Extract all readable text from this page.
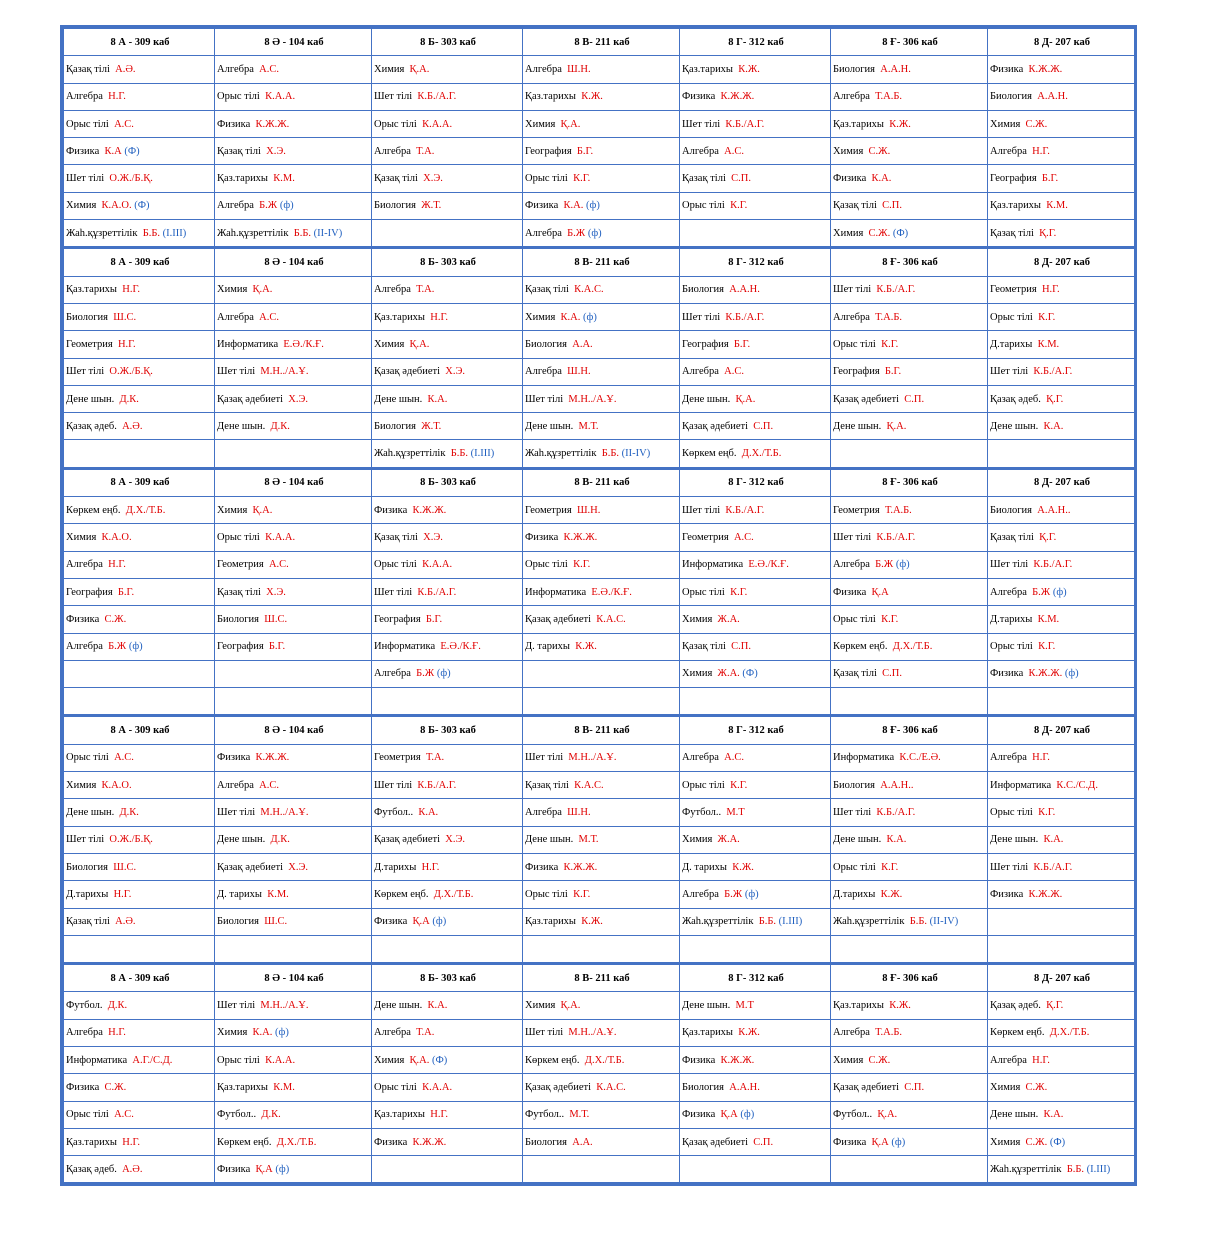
8 А - 309 каб	8 Ә - 104 каб	8 Б- 303 каб	8 В- 211 каб	8 Г- 312 каб	8 Ғ- 306 каб	8 Д- 207 каб
Қазақ тілі А.Ә.	Алгебра А.С.	Химия Қ.А.	Алгебра Ш.Н.	Қаз.тарихы К.Ж.	Биология А.А.Н.	Физика К.Ж.Ж.
Алгебра Н.Г.	Орыс тілі К.А.А.	Шет тілі К.Б./А.Г.	Қаз.тарихы К.Ж.	Физика К.Ж.Ж.	Алгебра Т.А.Б.	Биология А.А.Н.
Орыс тілі А.С.	Физика К.Ж.Ж.	Орыс тілі К.А.А.	Химия Қ.А.	Шет тілі К.Б./А.Г.	Қаз.тарихы К.Ж.	Химия С.Ж.
Физика К.А (Ф)	Қазақ тілі Х.Э.	Алгебра Т.А.	География Б.Г.	Алгебра А.С.	Химия С.Ж.	Алгебра Н.Г.
Шет тілі О.Ж./Б.Қ.	Қаз.тарихы К.М.	Қазақ тілі Х.Э.	Орыс тілі К.Г.	Қазақ тілі С.П.	Физика К.А.	География Б.Г.
Химия К.А.О. (Ф)	Алгебра Б.Ж (ф)	Биология Ж.Т.	Физика К.А. (ф)	Орыс тілі К.Г.	Қазақ тілі С.П.	Қаз.тарихы К.М.
Жаһ.құзреттілік Б.Б. (I.III)	Жаһ.құзреттілік Б.Б. (II-IV)		Алгебра Б.Ж (ф)		Химия С.Ж. (Ф)	Қазақ тілі Қ.Г.
8 А - 309 каб	8 Ә - 104 каб	8 Б- 303 каб	8 В- 211 каб	8 Г- 312 каб	8 Ғ- 306 каб	8 Д- 207 каб
Қаз.тарихы Н.Г.	Химия Қ.А.	Алгебра Т.А.	Қазақ тілі К.А.С.	Биология А.А.Н.	Шет тілі К.Б./А.Г.	Геометрия Н.Г.
Биология Ш.С.	Алгебра А.С.	Қаз.тарихы Н.Г.	Химия К.А. (ф)	Шет тілі К.Б./А.Г.	Алгебра Т.А.Б.	Орыс тілі К.Г.
Геометрия Н.Г.	Информатика Е.Ә./К.Ғ.	Химия Қ.А.	Биология А.А.	География Б.Г.	Орыс тілі К.Г.	Д.тарихы К.М.
Шет тілі О.Ж./Б.Қ.	Шет тілі М.Н../А.Ұ.	Қазақ әдебиеті Х.Э.	Алгебра Ш.Н.	Алгебра А.С.	География Б.Г.	Шет тілі К.Б./А.Г.
Дене шын. Д.К.	Қазақ әдебиеті Х.Э.	Дене шын. К.А.	Шет тілі М.Н../А.Ұ.	Дене шын. Қ.А.	Қазақ әдебиеті С.П.	Қазақ әдеб. Қ.Г.
Қазақ әдеб. А.Ә.	Дене шын. Д.К.	Биология Ж.Т.	Дене шын. М.Т.	Қазақ әдебиеті С.П.	Дене шын. Қ.А.	Дене шын. К.А.
		Жаһ.құзреттілік Б.Б. (I.III)	Жаһ.құзреттілік Б.Б. (II-IV)	Көркем еңб. Д.Х./Т.Б.		
8 А - 309 каб	8 Ә - 104 каб	8 Б- 303 каб	8 В- 211 каб	8 Г- 312 каб	8 Ғ- 306 каб	8 Д- 207 каб
Көркем еңб. Д.Х./Т.Б.	Химия Қ.А.	Физика К.Ж.Ж.	Геометрия Ш.Н.	Шет тілі К.Б./А.Г.	Геометрия Т.А.Б.	Биология А.А.Н..
Химия К.А.О.	Орыс тілі К.А.А.	Қазақ тілі Х.Э.	Физика К.Ж.Ж.	Геометрия А.С.	Шет тілі К.Б./А.Г.	Қазақ тілі Қ.Г.
Алгебра Н.Г.	Геометрия А.С.	Орыс тілі К.А.А.	Орыс тілі К.Г.	Информатика Е.Ә./К.Ғ.	Алгебра Б.Ж (ф)	Шет тілі К.Б./А.Г.
География Б.Г.	Қазақ тілі Х.Э.	Шет тілі К.Б./А.Г.	Информатика Е.Ә./К.Ғ.	Орыс тілі К.Г.	Физика Қ.А	Алгебра Б.Ж (ф)
Физика С.Ж.	Биология Ш.С.	География Б.Г.	Қазақ әдебиеті К.А.С.	Химия Ж.А.	Орыс тілі К.Г.	Д.тарихы К.М.
Алгебра Б.Ж (ф)	География Б.Г.	Информатика Е.Ә./К.Ғ.	Д. тарихы К.Ж.	Қазақ тілі С.П.	Көркем еңб. Д.Х./Т.Б.	Орыс тілі К.Г.
		Алгебра Б.Ж (ф)		Химия Ж.А. (Ф)	Қазақ тілі С.П.	Физика К.Ж.Ж. (ф)

8 А - 309 каб	8 Ә - 104 каб	8 Б- 303 каб	8 В- 211 каб	8 Г- 312 каб	8 Ғ- 306 каб	8 Д- 207 каб
Орыс тілі А.С.	Физика К.Ж.Ж.	Геометрия Т.А.	Шет тілі М.Н../А.Ұ.	Алгебра А.С.	Информатика К.С./Е.Ә.	Алгебра Н.Г.
Химия К.А.О.	Алгебра А.С.	Шет тілі К.Б./А.Г.	Қазақ тілі К.А.С.	Орыс тілі К.Г.	Биология А.А.Н..	Информатика К.С./С.Д.
Дене шын. Д.К.	Шет тілі М.Н../А.Ұ.	Футбол.. К.А.	Алгебра Ш.Н.	Футбол.. М.Т	Шет тілі К.Б./А.Г.	Орыс тілі К.Г.
Шет тілі О.Ж./Б.Қ.	Дене шын. Д.К.	Қазақ әдебиеті Х.Э.	Дене шын. М.Т.	Химия Ж.А.	Дене шын. К.А.	Дене шын. К.А.
Биология Ш.С.	Қазақ әдебиеті Х.Э.	Д.тарихы Н.Г.	Физика К.Ж.Ж.	Д. тарихы К.Ж.	Орыс тілі К.Г.	Шет тілі К.Б./А.Г.
Д.тарихы Н.Г.	Д. тарихы К.М.	Көркем еңб. Д.Х./Т.Б.	Орыс тілі К.Г.	Алгебра Б.Ж (ф)	Д.тарихы К.Ж.	Физика К.Ж.Ж.
Қазақ тілі А.Ә.	Биология Ш.С.	Физика Қ.А (ф)	Қаз.тарихы К.Ж.	Жаһ.құзреттілік Б.Б. (I.III)	Жаһ.құзреттілік Б.Б. (II-IV)	

8 А - 309 каб	8 Ә - 104 каб	8 Б- 303 каб	8 В- 211 каб	8 Г- 312 каб	8 Ғ- 306 каб	8 Д- 207 каб
Футбол. Д.К.	Шет тілі М.Н../А.Ұ.	Дене шын. К.А.	Химия Қ.А.	Дене шын. М.Т	Қаз.тарихы К.Ж.	Қазақ әдеб. Қ.Г.
Алгебра Н.Г.	Химия К.А. (ф)	Алгебра Т.А.	Шет тілі М.Н../А.Ұ.	Қаз.тарихы К.Ж.	Алгебра Т.А.Б.	Көркем еңб. Д.Х./Т.Б.
Информатика А.Г./С.Д.	Орыс тілі К.А.А.	Химия Қ.А. (Ф)	Көркем еңб. Д.Х./Т.Б.	Физика К.Ж.Ж.	Химия С.Ж.	Алгебра Н.Г.
Физика С.Ж.	Қаз.тарихы К.М.	Орыс тілі К.А.А.	Қазақ әдебиеті К.А.С.	Биология А.А.Н.	Қазақ әдебиеті С.П.	Химия С.Ж.
Орыс тілі А.С.	Футбол.. Д.К.	Қаз.тарихы Н.Г.	Футбол.. М.Т.	Физика Қ.А (ф)	Футбол.. Қ.А.	Дене шын. К.А.
Қаз.тарихы Н.Г.	Көркем еңб. Д.Х./Т.Б.	Физика К.Ж.Ж.	Биология А.А.	Қазақ әдебиеті С.П.	Физика Қ.А (ф)	Химия С.Ж. (Ф)
Қазақ әдеб. А.Ә.	Физика Қ.А (ф)					Жаһ.құзреттілік Б.Б. (I.III)
